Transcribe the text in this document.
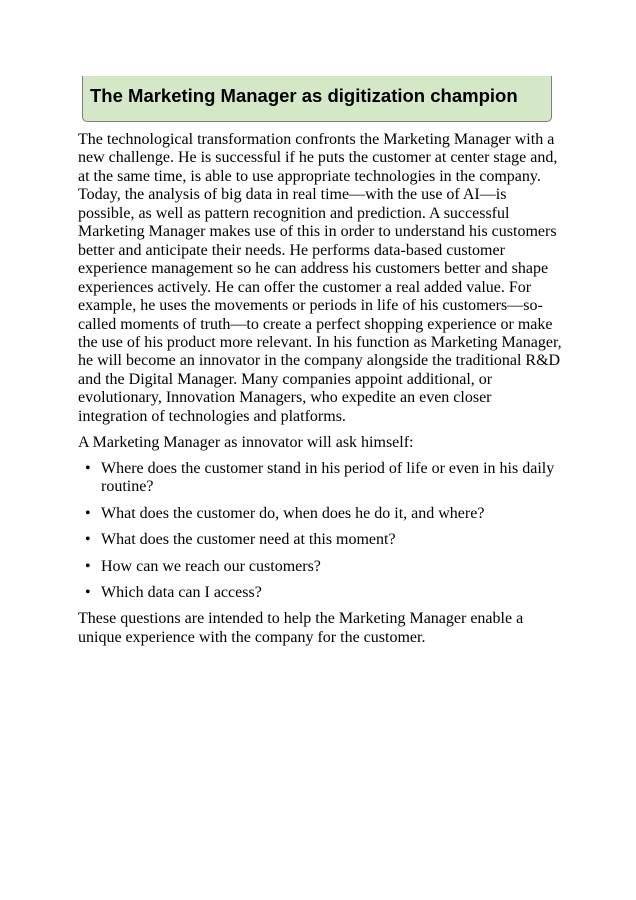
The Marketing Manager as digitization champion

The technological transformation confronts the Marketing Manager with a new challenge. He is successful if he puts the customer at center stage and, at the same time, is able to use appropriate technologies in the company. Today, the analysis of big data in real time—with the use of AI—is possible, as well as pattern recognition and prediction. A successful Marketing Manager makes use of this in order to understand his customers better and anticipate their needs. He performs data-based customer experience management so he can address his customers better and shape experiences actively. He can offer the customer a real added value. For example, he uses the movements or periods in life of his customers—so-called moments of truth—to create a perfect shopping experience or make the use of his product more relevant. In his function as Marketing Manager, he will become an innovator in the company alongside the traditional R&D and the Digital Manager. Many companies appoint additional, or evolutionary, Innovation Managers, who expedite an even closer integration of technologies and platforms.

A Marketing Manager as innovator will ask himself:

• Where does the customer stand in his period of life or even in his daily routine?
• What does the customer do, when does he do it, and where?
• What does the customer need at this moment?
• How can we reach our customers?
• Which data can I access?

These questions are intended to help the Marketing Manager enable a unique experience with the company for the customer.
